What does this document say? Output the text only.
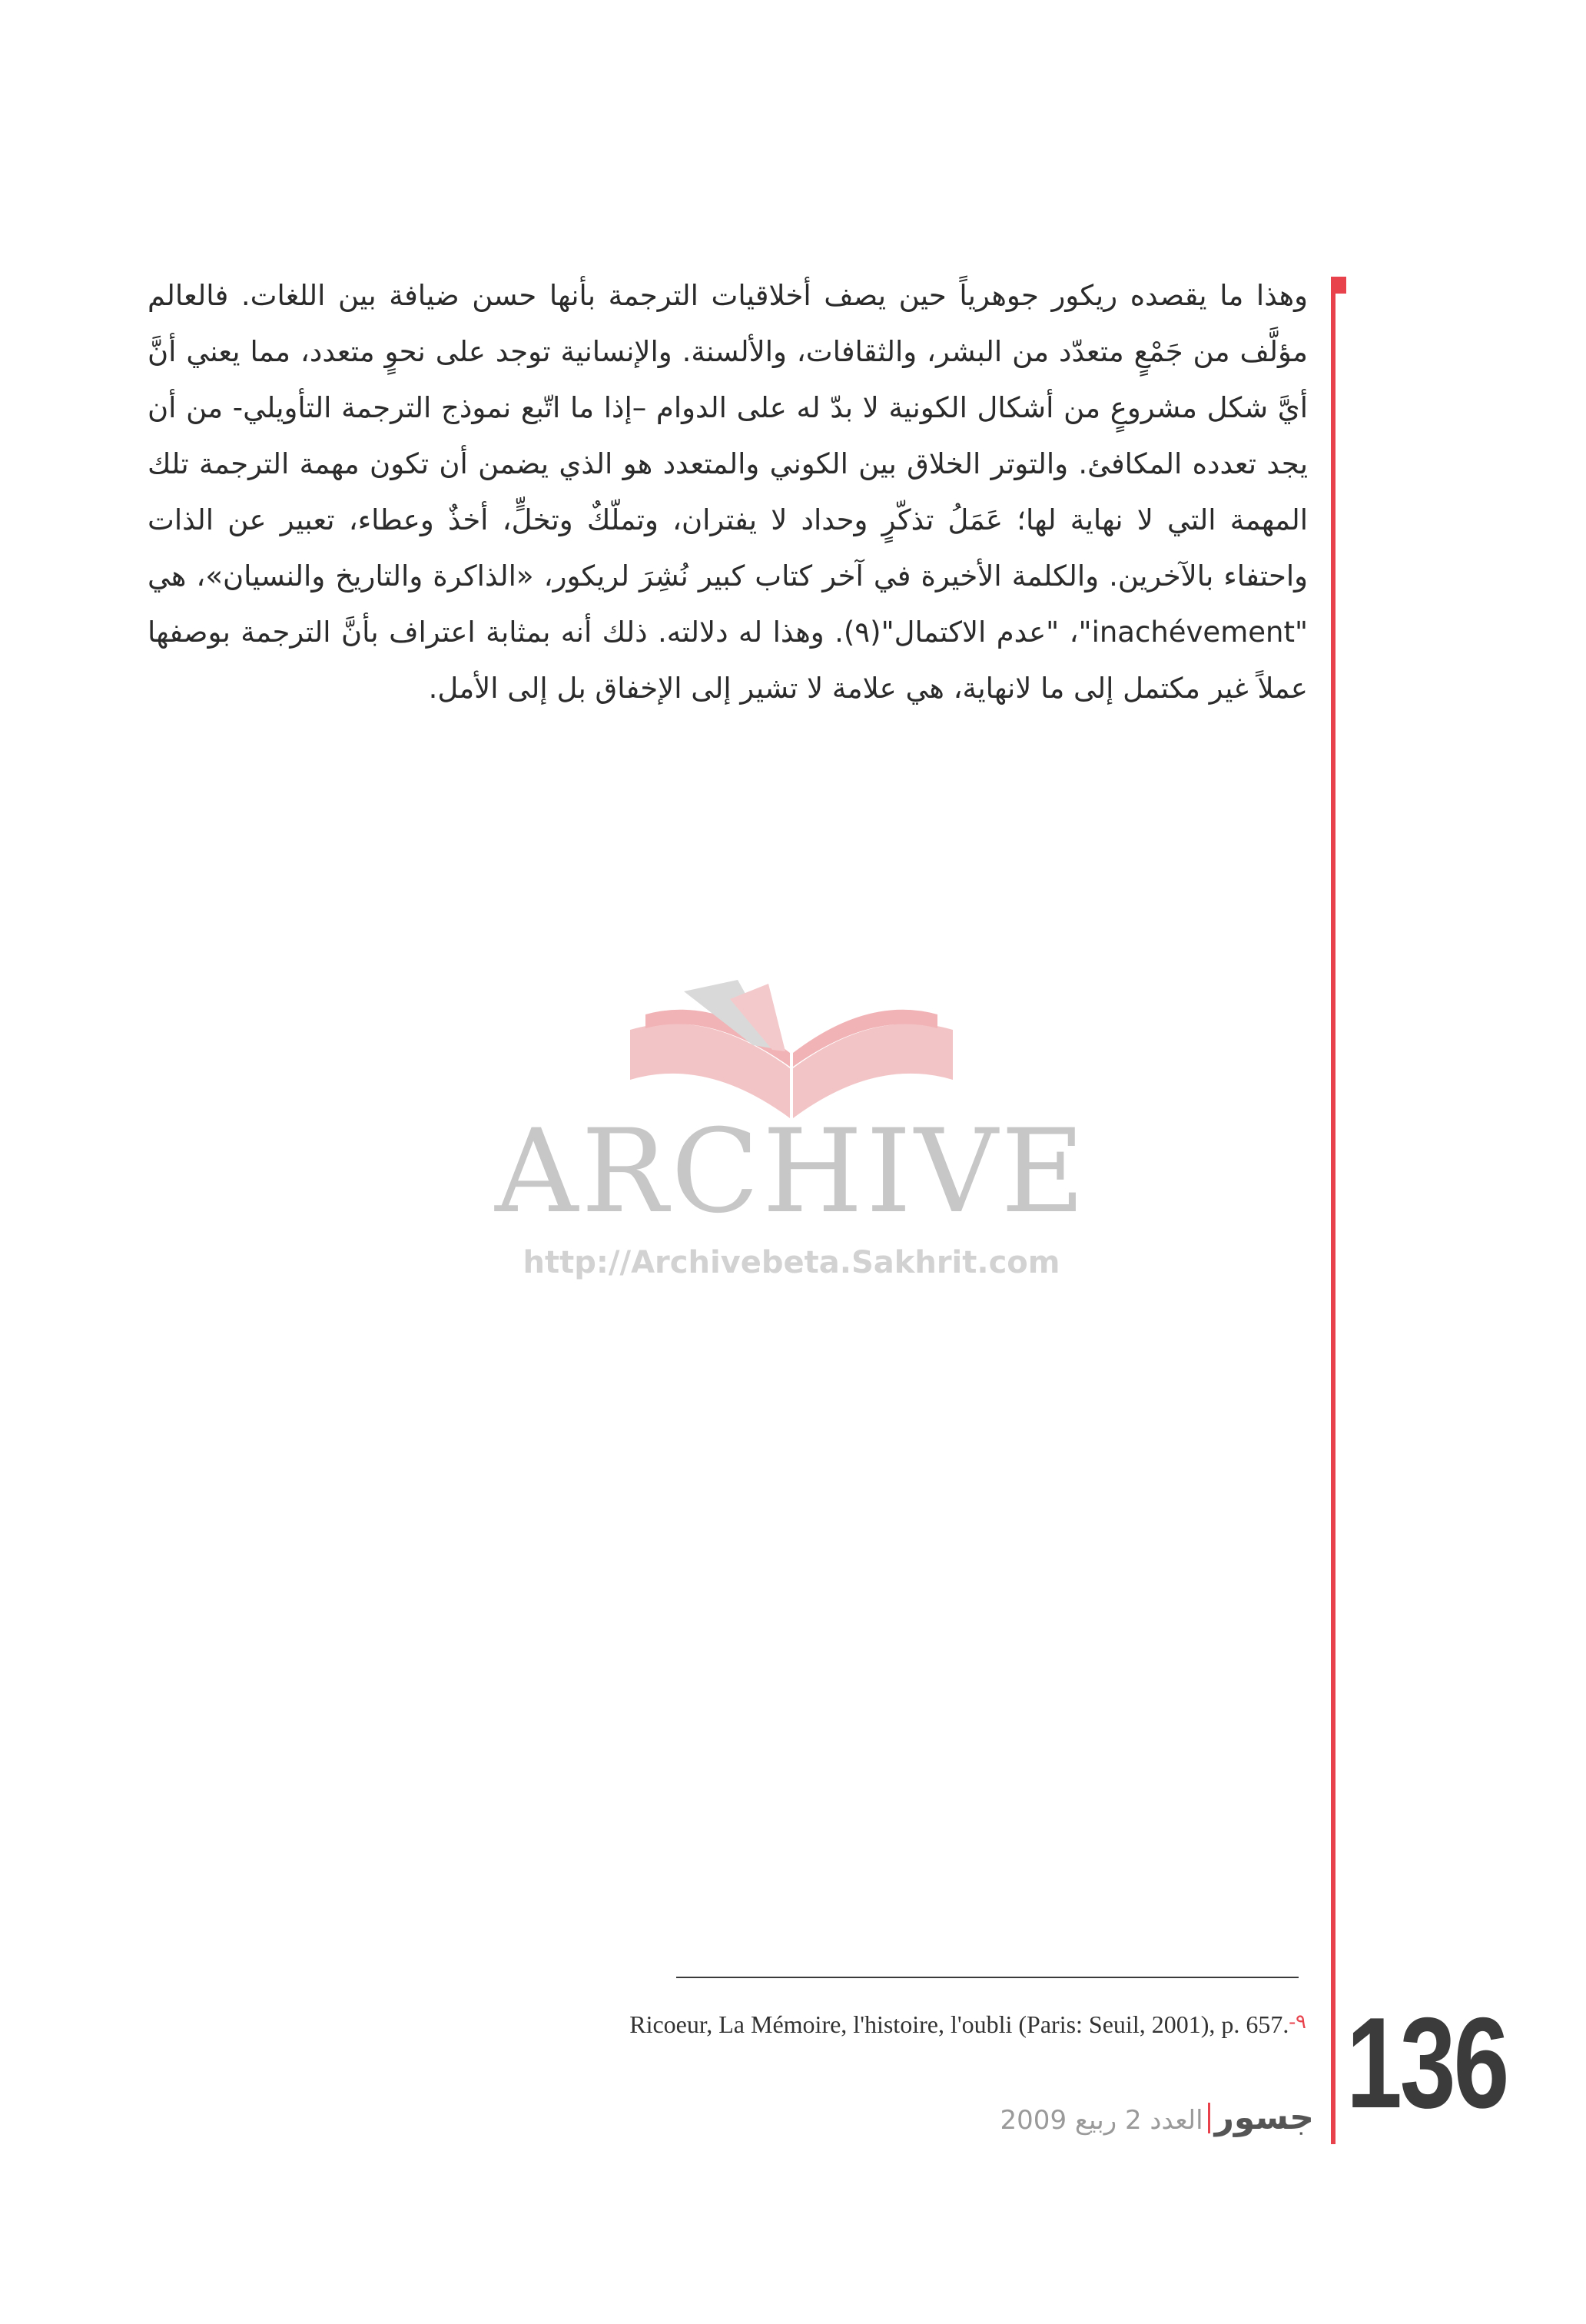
وهذا ما يقصده ريكور جوهرياً حين يصف أخلاقيات الترجمة بأنها حسن ضيافة بين اللغات. فالعالم مؤلَّف من جَمْعٍ متعدّد من البشر، والثقافات، والألسنة. والإنسانية توجد على نحوٍ متعدد، مما يعني أنَّ أيَّ شكل مشروعٍ من أشكال الكونية لا بدّ له على الدوام –إذا ما اتّبع نموذج الترجمة التأويلي- من أن يجد تعدده المكافئ. والتوتر الخلاق بين الكوني والمتعدد هو الذي يضمن أن تكون مهمة الترجمة تلك المهمة التي لا نهاية لها؛ عَمَلُ تذكّرٍ وحداد لا يفتران، وتملّكٌ وتخلٍّ، أخذٌ وعطاء، تعبير عن الذات واحتفاء بالآخرين. والكلمة الأخيرة في آخر كتاب كبير نُشِرَ لريكور، «الذاكرة والتاريخ والنسيان»، هي "inachévement"، "عدم الاكتمال"(٩). وهذا له دلالته. ذلك أنه بمثابة اعتراف بأنَّ الترجمة بوصفها عملاً غير مكتمل إلى ما لانهاية، هي علامة لا تشير إلى الإخفاق بل إلى الأمل.

ARCHIVE
http://Archivebeta.Sakhrit.com
٩-Ricoeur, La Mémoire, l'histoire, l'oubli (Paris: Seuil, 2001), p. 657. 136
جسورالعدد 2 ربيع 2009
